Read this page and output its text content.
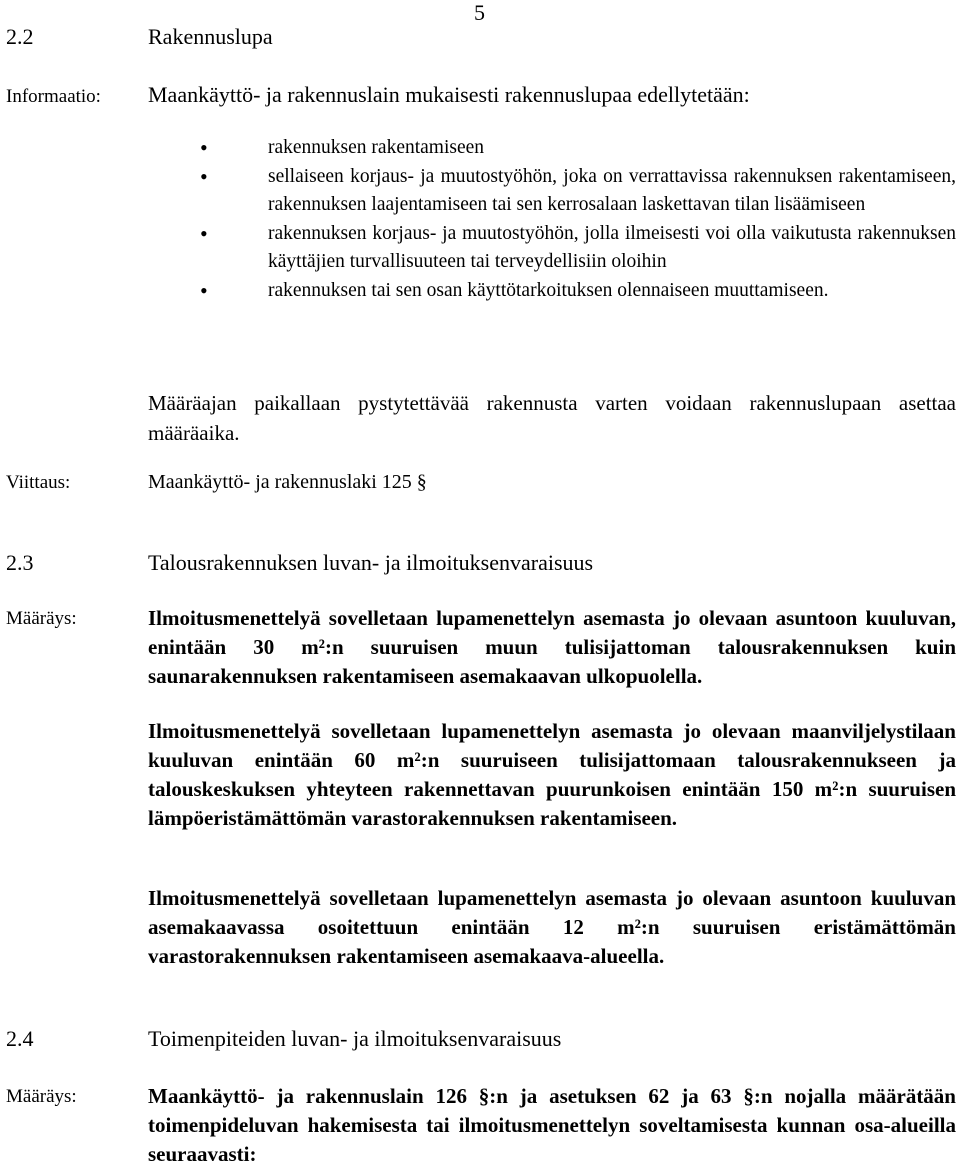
5
2.2	Rakennuslupa
Informaatio: Maankäyttö- ja rakennuslain mukaisesti rakennuslupaa edellytetään:
•	rakennuksen rakentamiseen
•	sellaiseen korjaus- ja muutostyöhön, joka on verrattavissa rakennuksen rakentamiseen, rakennuksen laajentamiseen tai sen kerrosalaan laskettavan tilan lisäämiseen
•	rakennuksen korjaus- ja muutostyöhön, jolla ilmeisesti voi olla vaikutusta rakennuksen käyttäjien turvallisuuteen tai terveydellisiin oloihin
•	rakennuksen tai sen osan käyttötarkoituksen olennaiseen muuttamiseen.
Määräajan paikallaan pystytettävää rakennusta varten voidaan rakennuslupaan asettaa määräaika.
Viittaus:	Maankäyttö- ja rakennuslaki 125 §
2.3	Talousrakennuksen luvan- ja ilmoituksenvaraisuus
Määräys:	Ilmoitusmenettelyä sovelletaan lupamenettelyn asemasta jo olevaan asuntoon kuuluvan, enintään 30 m²:n suuruisen muun tulisijattoman talousrakennuksen kuin saunarakennuksen rakentamiseen asemakaavan ulkopuolella.
Ilmoitusmenettelyä sovelletaan lupamenettelyn asemasta jo olevaan maanviljelystilaan kuuluvan enintään 60 m²:n suuruiseen tulisijattomaan talousrakennukseen ja talouskeskuksen yhteyteen rakennettavan puurunkoisen enintään 150 m²:n suuruisen lämpöeristämättömän varastorakennuksen rakentamiseen.
Ilmoitusmenettelyä sovelletaan lupamenettelyn asemasta jo olevaan asuntoon kuuluvan asemakaavassa osoitettuun enintään 12 m²:n suuruisen eristämättömän varastorakennuksen rakentamiseen asemakaava-alueella.
2.4	Toimenpiteiden luvan- ja ilmoituksenvaraisuus
Määräys:	Maankäyttö- ja rakennuslain 126 §:n ja asetuksen 62 ja 63 §:n nojalla määrätään toimenpideluvan hakemisesta tai ilmoitusmenettelyn soveltamisesta kunnan osa-alueilla seuraavasti:
